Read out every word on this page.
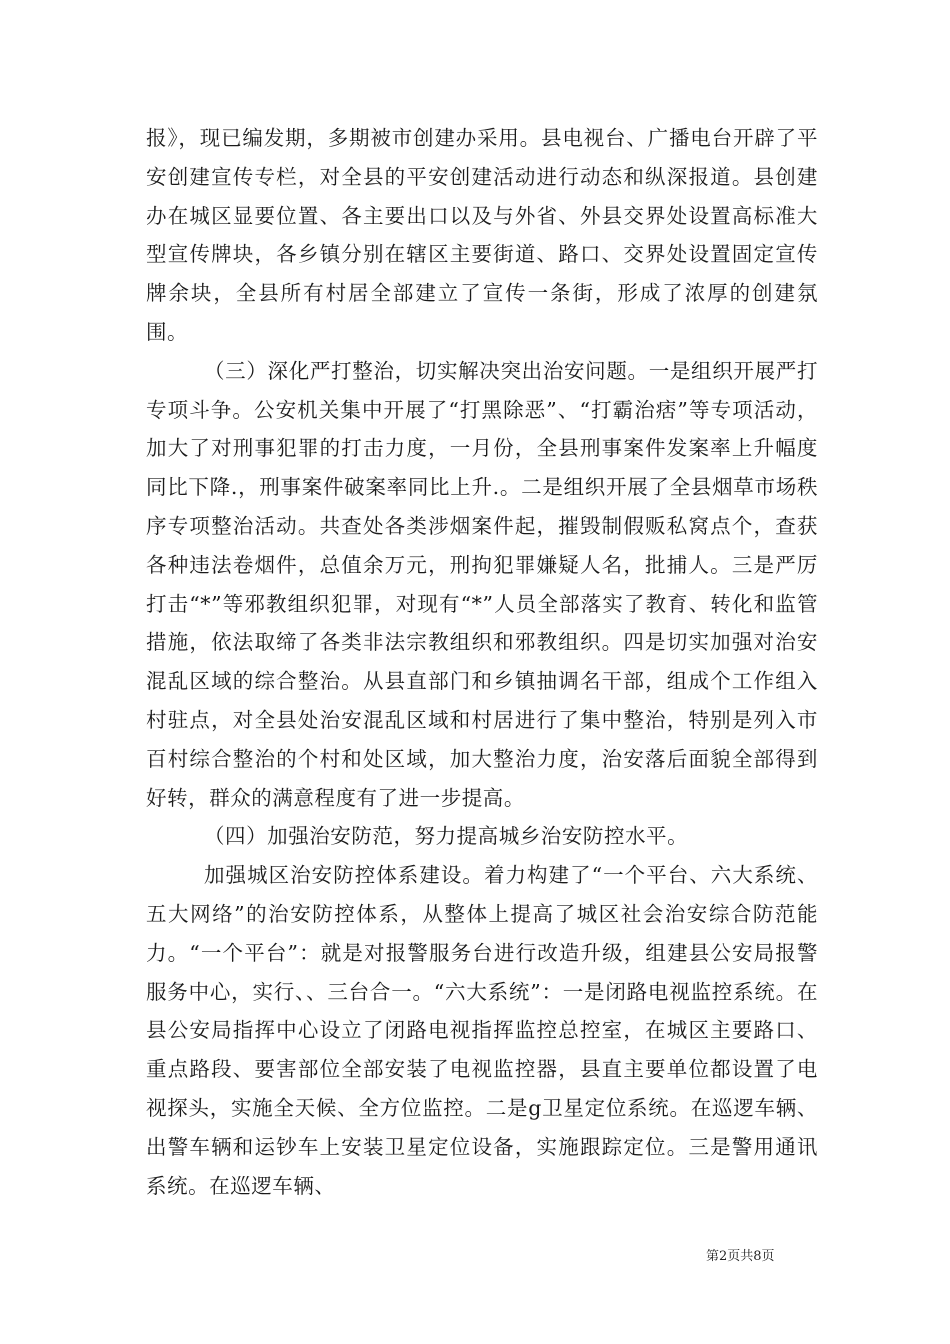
报》，现已编发期，多期被市创建办采用。县电视台、广播电台开辟了平安创建宣传专栏，对全县的平安创建活动进行动态和纵深报道。县创建办在城区显要位置、各主要出口以及与外省、外县交界处设置高标准大型宣传牌块，各乡镇分别在辖区主要街道、路口、交界处设置固定宣传牌余块，全县所有村居全部建立了宣传一条街，形成了浓厚的创建氛围。

（三）深化严打整治，切实解决突出治安问题。一是组织开展严打专项斗争。公安机关集中开展了“打黑除恶”、“打霸治痞”等专项活动，加大了对刑事犯罪的打击力度，一月份，全县刑事案件发案率上升幅度同比下降.，刑事案件破案率同比上升.。二是组织开展了全县烟草市场秩序专项整治活动。共查处各类涉烟案件起，摧毁制假贩私窝点个，查获各种违法卷烟件，总值余万元，刑拘犯罪嫌疑人名，批捕人。三是严厉打击“*”等邪教组织犯罪，对现有“*”人员全部落实了教育、转化和监管措施，依法取缔了各类非法宗教组织和邪教组织。四是切实加强对治安混乱区域的综合整治。从县直部门和乡镇抽调名干部，组成个工作组入村驻点，对全县处治安混乱区域和村居进行了集中整治，特别是列入市百村综合整治的个村和处区域，加大整治力度，治安落后面貌全部得到好转，群众的满意程度有了进一步提高。

（四）加强治安防范，努力提高城乡治安防控水平。

加强城区治安防控体系建设。着力构建了“一个平台、六大系统、五大网络”的治安防控体系，从整体上提高了城区社会治安综合防范能力。“一个平台”：就是对报警服务台进行改造升级，组建县公安局报警服务中心，实行、、三台合一。“六大系统”：一是闭路电视监控系统。在县公安局指挥中心设立了闭路电视指挥监控总控室，在城区主要路口、重点路段、要害部位全部安装了电视监控器，县直主要单位都设置了电视探头，实施全天候、全方位监控。二是g卫星定位系统。在巡逻车辆、出警车辆和运钞车上安装卫星定位设备，实施跟踪定位。三是警用通讯系统。在巡逻车辆、

第2页共8页
